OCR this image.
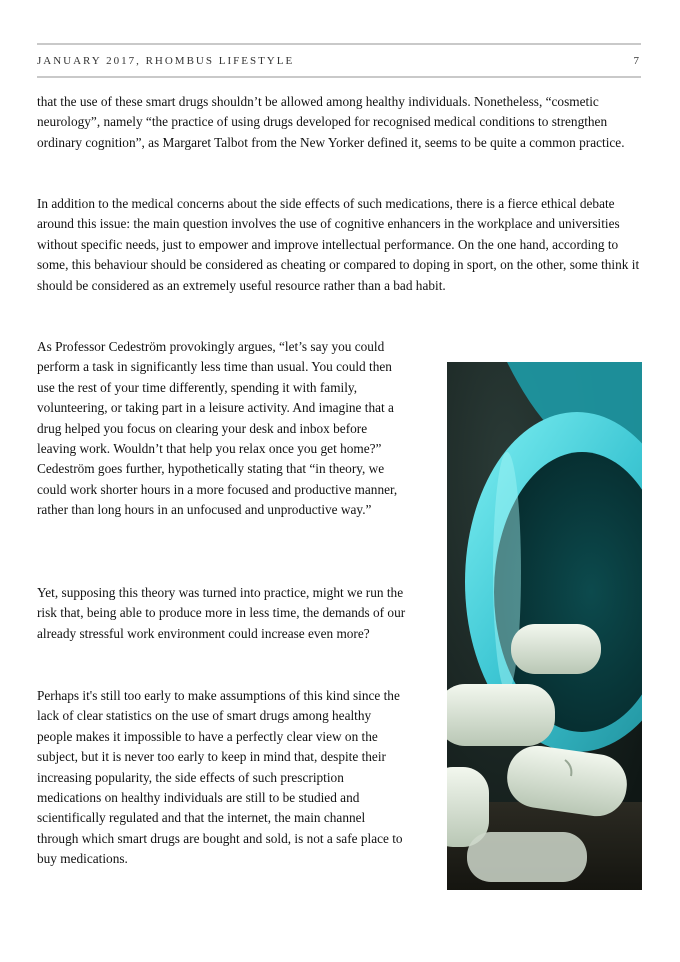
JANUARY 2017, RHOMBUS LIFESTYLE	7

that the use of these smart drugs shouldn’t be allowed among healthy individuals. Nonetheless, “cosmetic neurology”, namely “the practice of using drugs developed for recognised medical conditions to strengthen ordinary cognition”, as Margaret Talbot from the New Yorker defined it, seems to be quite a common practice.

In addition to the medical concerns about the side effects of such medications, there is a fierce ethical debate around this issue: the main question involves the use of cognitive enhancers in the workplace and universities without specific needs, just to empower and improve intellectual performance. On the one hand, according to some, this behaviour should be considered as cheating or compared to doping in sport, on the other, some think it should be considered as an extremely useful resource rather than a bad habit.

As Professor Cedeström provokingly argues, “let’s say you could perform a task in significantly less time than usual. You could then use the rest of your time differently, spending it with family, volunteering, or taking part in a leisure activity. And imagine that a drug helped you focus on clearing your desk and inbox before leaving work. Wouldn’t that help you relax once you get home?” Cedeström goes further, hypothetically stating that “in theory, we could work shorter hours in a more focused and productive manner, rather than long hours in an unfocused and unproductive way.”

Yet, supposing this theory was turned into practice, might we run the risk that, being able to produce more in less time, the demands of our already stressful work environment could increase even more?

Perhaps it's still too early to make assumptions of this kind since the lack of clear statistics on the use of smart drugs among healthy people makes it impossible to have a perfectly clear view on the subject, but it is never too early to keep in mind that, despite their increasing popularity, the side effects of such prescription medications on healthy individuals are still to be studied and scientifically regulated and that the internet, the main channel through which smart drugs are bought and sold, is not a safe place to buy medications.
